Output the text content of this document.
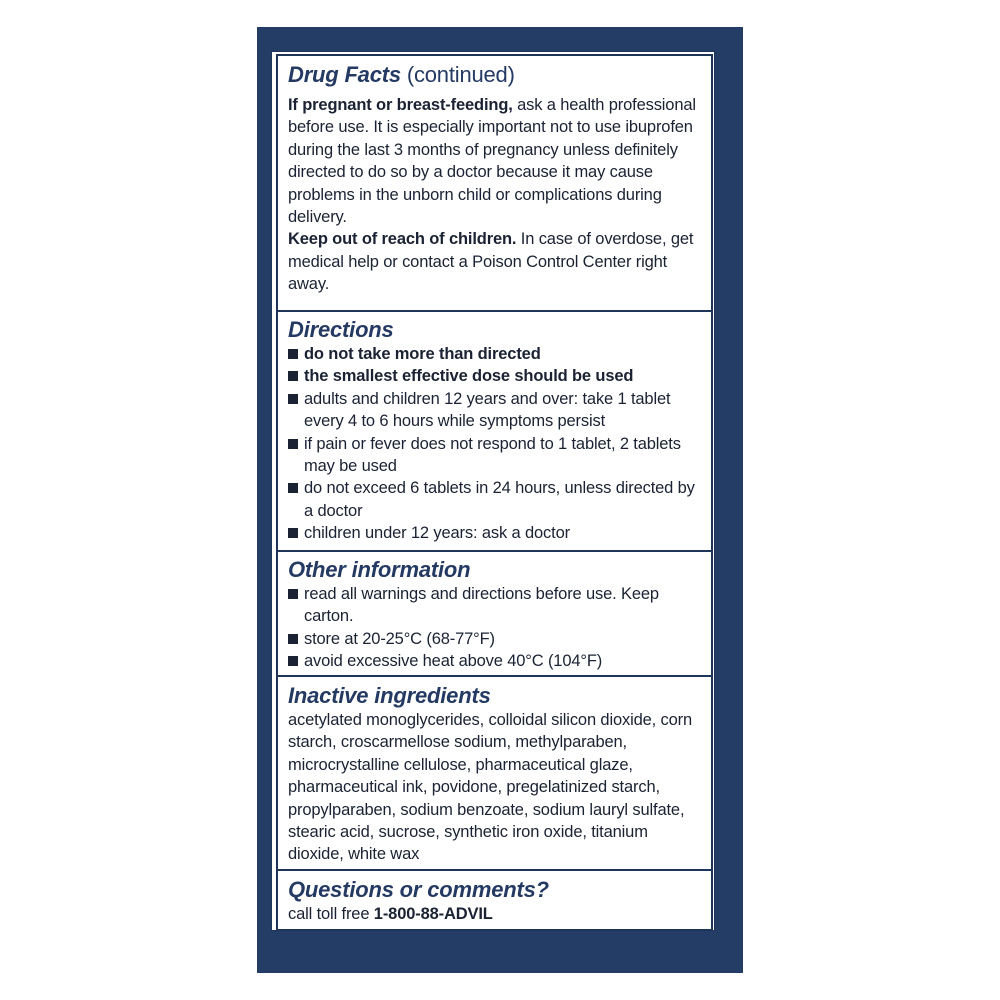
Drug Facts (continued)

If pregnant or breast-feeding, ask a health professional before use. It is especially important not to use ibuprofen during the last 3 months of pregnancy unless definitely directed to do so by a doctor because it may cause problems in the unborn child or complications during delivery.

Keep out of reach of children. In case of overdose, get medical help or contact a Poison Control Center right away.

Directions

do not take more than directed
the smallest effective dose should be used
adults and children 12 years and over: take 1 tablet every 4 to 6 hours while symptoms persist
if pain or fever does not respond to 1 tablet, 2 tablets may be used
do not exceed 6 tablets in 24 hours, unless directed by a doctor
children under 12 years: ask a doctor

Other information

read all warnings and directions before use. Keep carton.
store at 20-25°C (68-77°F)
avoid excessive heat above 40°C (104°F)

Inactive ingredients

acetylated monoglycerides, colloidal silicon dioxide, corn starch, croscarmellose sodium, methylparaben, microcrystalline cellulose, pharmaceutical glaze, pharmaceutical ink, povidone, pregelatinized starch, propylparaben, sodium benzoate, sodium lauryl sulfate, stearic acid, sucrose, synthetic iron oxide, titanium dioxide, white wax

Questions or comments?

call toll free 1-800-88-ADVIL
